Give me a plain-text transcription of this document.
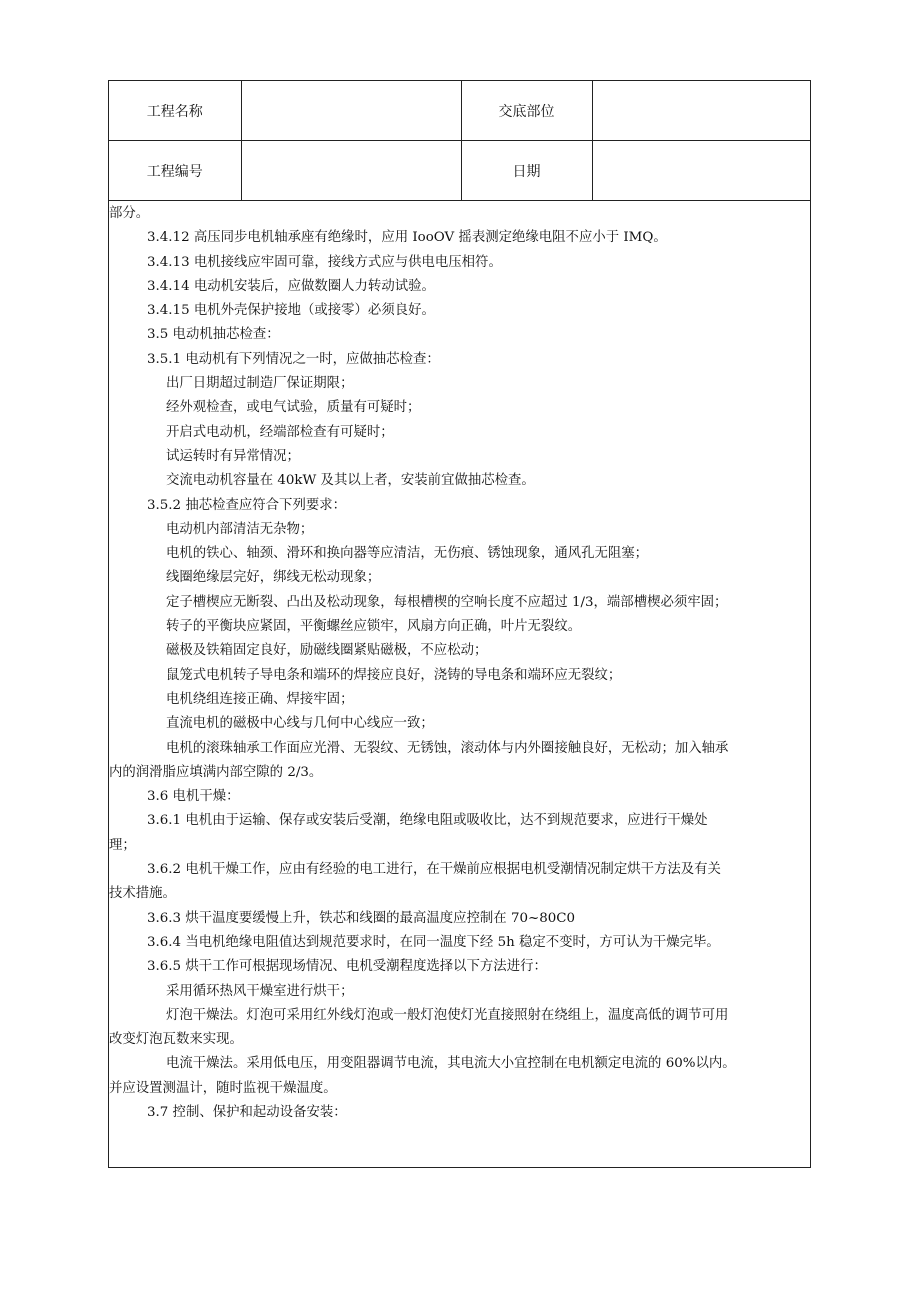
工程名称		交底部位	
工程编号		日期	
部分。
3.4.12 高压同步电机轴承座有绝缘时，应用 IooOV 摇表测定绝缘电阻不应小于 IMQ。
3.4.13 电机接线应牢固可靠，接线方式应与供电电压相符。
3.4.14 电动机安装后，应做数圈人力转动试验。
3.4.15 电机外壳保护接地（或接零）必须良好。
3.5 电动机抽芯检查：
3.5.1 电动机有下列情况之一时，应做抽芯检查：
出厂日期超过制造厂保证期限；
经外观检查，或电气试验，质量有可疑时；
开启式电动机，经端部检查有可疑时；
试运转时有异常情况；
交流电动机容量在 40kW 及其以上者，安装前宜做抽芯检查。
3.5.2 抽芯检查应符合下列要求：
电动机内部清洁无杂物；
电机的铁心、轴颈、滑环和换向器等应清洁，无伤痕、锈蚀现象，通风孔无阻塞；
线圈绝缘层完好，绑线无松动现象；
定子槽楔应无断裂、凸出及松动现象，每根槽楔的空响长度不应超过 1/3，端部槽楔必须牢固；
转子的平衡块应紧固，平衡螺丝应锁牢，风扇方向正确，叶片无裂纹。
磁极及铁箱固定良好，励磁线圈紧贴磁极，不应松动；
鼠笼式电机转子导电条和端环的焊接应良好，浇铸的导电条和端环应无裂纹；
电机绕组连接正确、焊接牢固；
直流电机的磁极中心线与几何中心线应一致；
电机的滚珠轴承工作面应光滑、无裂纹、无锈蚀，滚动体与内外圈接触良好，无松动；加入轴承
内的润滑脂应填满内部空隙的 2/3。
3.6 电机干燥：
3.6.1 电机由于运输、保存或安装后受潮，绝缘电阻或吸收比，达不到规范要求，应进行干燥处
理；
3.6.2 电机干燥工作，应由有经验的电工进行，在干燥前应根据电机受潮情况制定烘干方法及有关
技术措施。
3.6.3 烘干温度要缓慢上升，铁芯和线圈的最高温度应控制在 70~80C0
3.6.4 当电机绝缘电阻值达到规范要求时，在同一温度下经 5h 稳定不变时，方可认为干燥完毕。
3.6.5 烘干工作可根据现场情况、电机受潮程度选择以下方法进行：
采用循环热风干燥室进行烘干；
灯泡干燥法。灯泡可采用红外线灯泡或一般灯泡使灯光直接照射在绕组上，温度高低的调节可用
改变灯泡瓦数来实现。
电流干燥法。采用低电压，用变阻器调节电流，其电流大小宜控制在电机额定电流的 60%以内。
并应设置测温计，随时监视干燥温度。
3.7 控制、保护和起动设备安装：
